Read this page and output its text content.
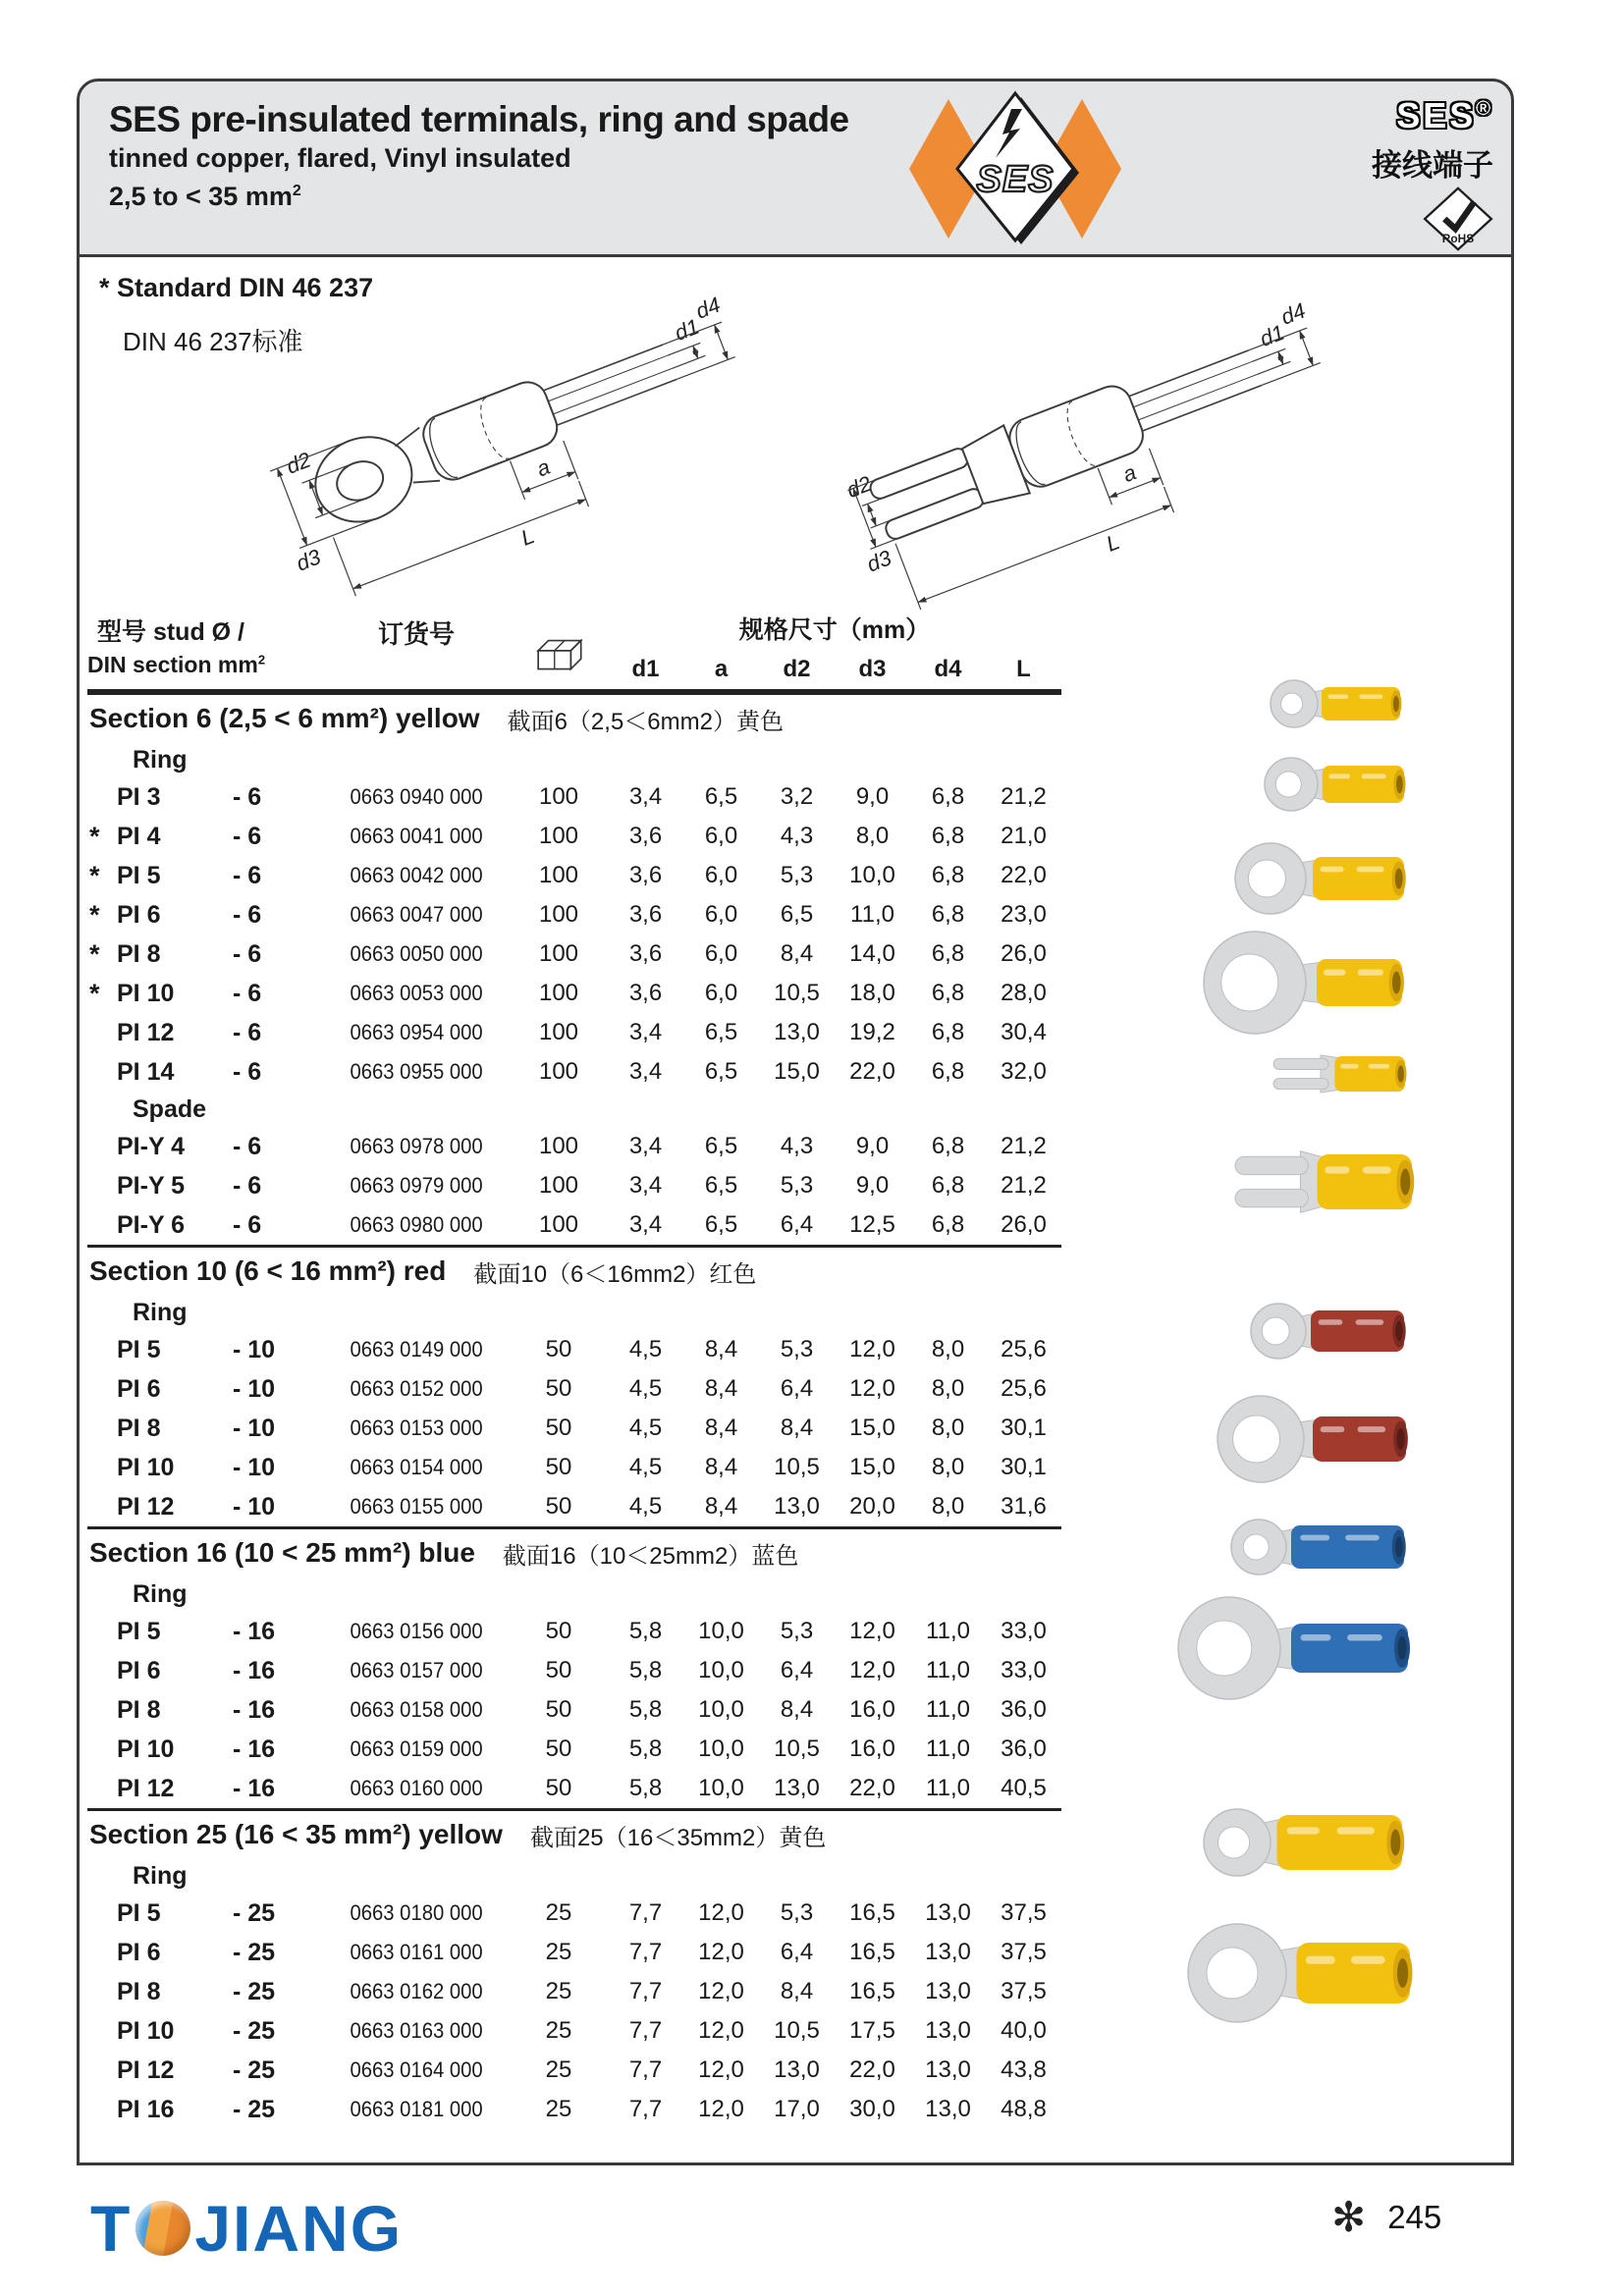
SES pre-insulated terminals, ring and spade
tinned copper, flared, Vinyl insulated
2,5 to < 35 $mm^2$	SES
SES®
接线端子
RoHS
* Standard DIN 46 237
DIN 46 237标准
型号 stud Ø /
DIN section $mm^2$
订货号	规格尺寸（mm）
d1	a	d2	d3	d4	L
Section 6 (2,5 < 6 mm²) yellow 截面6（2,5＜6mm2）黄色
Ring
PI 3	- 6	0663 0940 000	100	3,4	6,5	3,2	9,0	6,8	21,2
* PI 4	- 6	0663 0041 000	100	3,6	6,0	4,3	8,0	6,8	21,0
* PI 5	- 6	0663 0042 000	100	3,6	6,0	5,3	10,0	6,8	22,0
* PI 6	- 6	0663 0047 000	100	3,6	6,0	6,5	11,0	6,8	23,0
* PI 8	- 6	0663 0050 000	100	3,6	6,0	8,4	14,0	6,8	26,0
* PI 10	- 6	0663 0053 000	100	3,6	6,0	10,5	18,0	6,8	28,0
PI 12	- 6	0663 0954 000	100	3,4	6,5	13,0	19,2	6,8	30,4
PI 14	- 6	0663 0955 000	100	3,4	6,5	15,0	22,0	6,8	32,0
Spade
PI-Y 4	- 6	0663 0978 000	100	3,4	6,5	4,3	9,0	6,8	21,2
PI-Y 5	- 6	0663 0979 000	100	3,4	6,5	5,3	9,0	6,8	21,2
PI-Y 6	- 6	0663 0980 000	100	3,4	6,5	6,4	12,5	6,8	26,0
Section 10 (6 < 16 mm²) red 截面10（6＜16mm2）红色
Ring
PI 5	- 10	0663 0149 000	50	4,5	8,4	5,3	12,0	8,0	25,6
PI 6	- 10	0663 0152 000	50	4,5	8,4	6,4	12,0	8,0	25,6
PI 8	- 10	0663 0153 000	50	4,5	8,4	8,4	15,0	8,0	30,1
PI 10	- 10	0663 0154 000	50	4,5	8,4	10,5	15,0	8,0	30,1
PI 12	- 10	0663 0155 000	50	4,5	8,4	13,0	20,0	8,0	31,6
Section 16 (10 < 25 mm²) blue 截面16（10＜25mm2）蓝色
Ring
PI 5	- 16	0663 0156 000	50	5,8	10,0	5,3	12,0	11,0	33,0
PI 6	- 16	0663 0157 000	50	5,8	10,0	6,4	12,0	11,0	33,0
PI 8	- 16	0663 0158 000	50	5,8	10,0	8,4	16,0	11,0	36,0
PI 10	- 16	0663 0159 000	50	5,8	10,0	10,5	16,0	11,0	36,0
PI 12	- 16	0663 0160 000	50	5,8	10,0	13,0	22,0	11,0	40,5
Section 25 (16 < 35 mm²) yellow 截面25（16＜35mm2）黄色
Ring
PI 5	- 25	0663 0180 000	25	7,7	12,0	5,3	16,5	13,0	37,5
PI 6	- 25	0663 0161 000	25	7,7	12,0	6,4	16,5	13,0	37,5
PI 8	- 25	0663 0162 000	25	7,7	12,0	8,4	16,5	13,0	37,5
PI 10	- 25	0663 0163 000	25	7,7	12,0	10,5	17,5	13,0	40,0
PI 12	- 25	0663 0164 000	25	7,7	12,0	13,0	22,0	13,0	43,8
PI 16	- 25	0663 0181 000	25	7,7	12,0	17,0	30,0	13,0	48,8
d2
d3
d1
d4
a
L
d2
d3
d1
d4
a
L
T JIANG	✻ 245
